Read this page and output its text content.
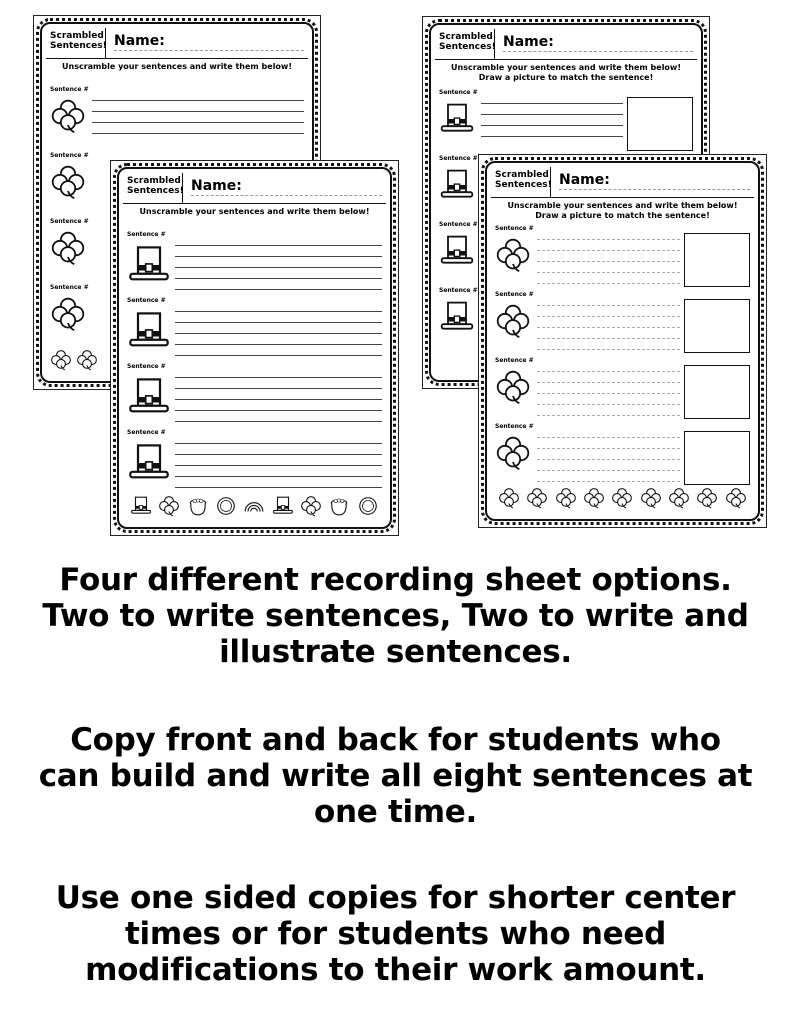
Scrambled Sentences! Name:
Unscramble your sentences and write them below!
Sentence #
Sentence #
Sentence #
Sentence #
Scrambled Sentences! Name:
Unscramble your sentences and write them below!
Draw a picture to match the sentence!
Sentence #
Sentence #
Sentence #
Sentence #
Scrambled Sentences! Name:
Unscramble your sentences and write them below!
Sentence #
Sentence #
Sentence #
Sentence #
Scrambled Sentences! Name:
Unscramble your sentences and write them below!
Draw a picture to match the sentence!
Sentence #
Sentence #
Sentence #
Sentence #
Four different recording sheet options.
Two to write sentences, Two to write and
illustrate sentences.
Copy front and back for students who
can build and write all eight sentences at
one time.
Use one sided copies for shorter center
times or for students who need
modifications to their work amount.
